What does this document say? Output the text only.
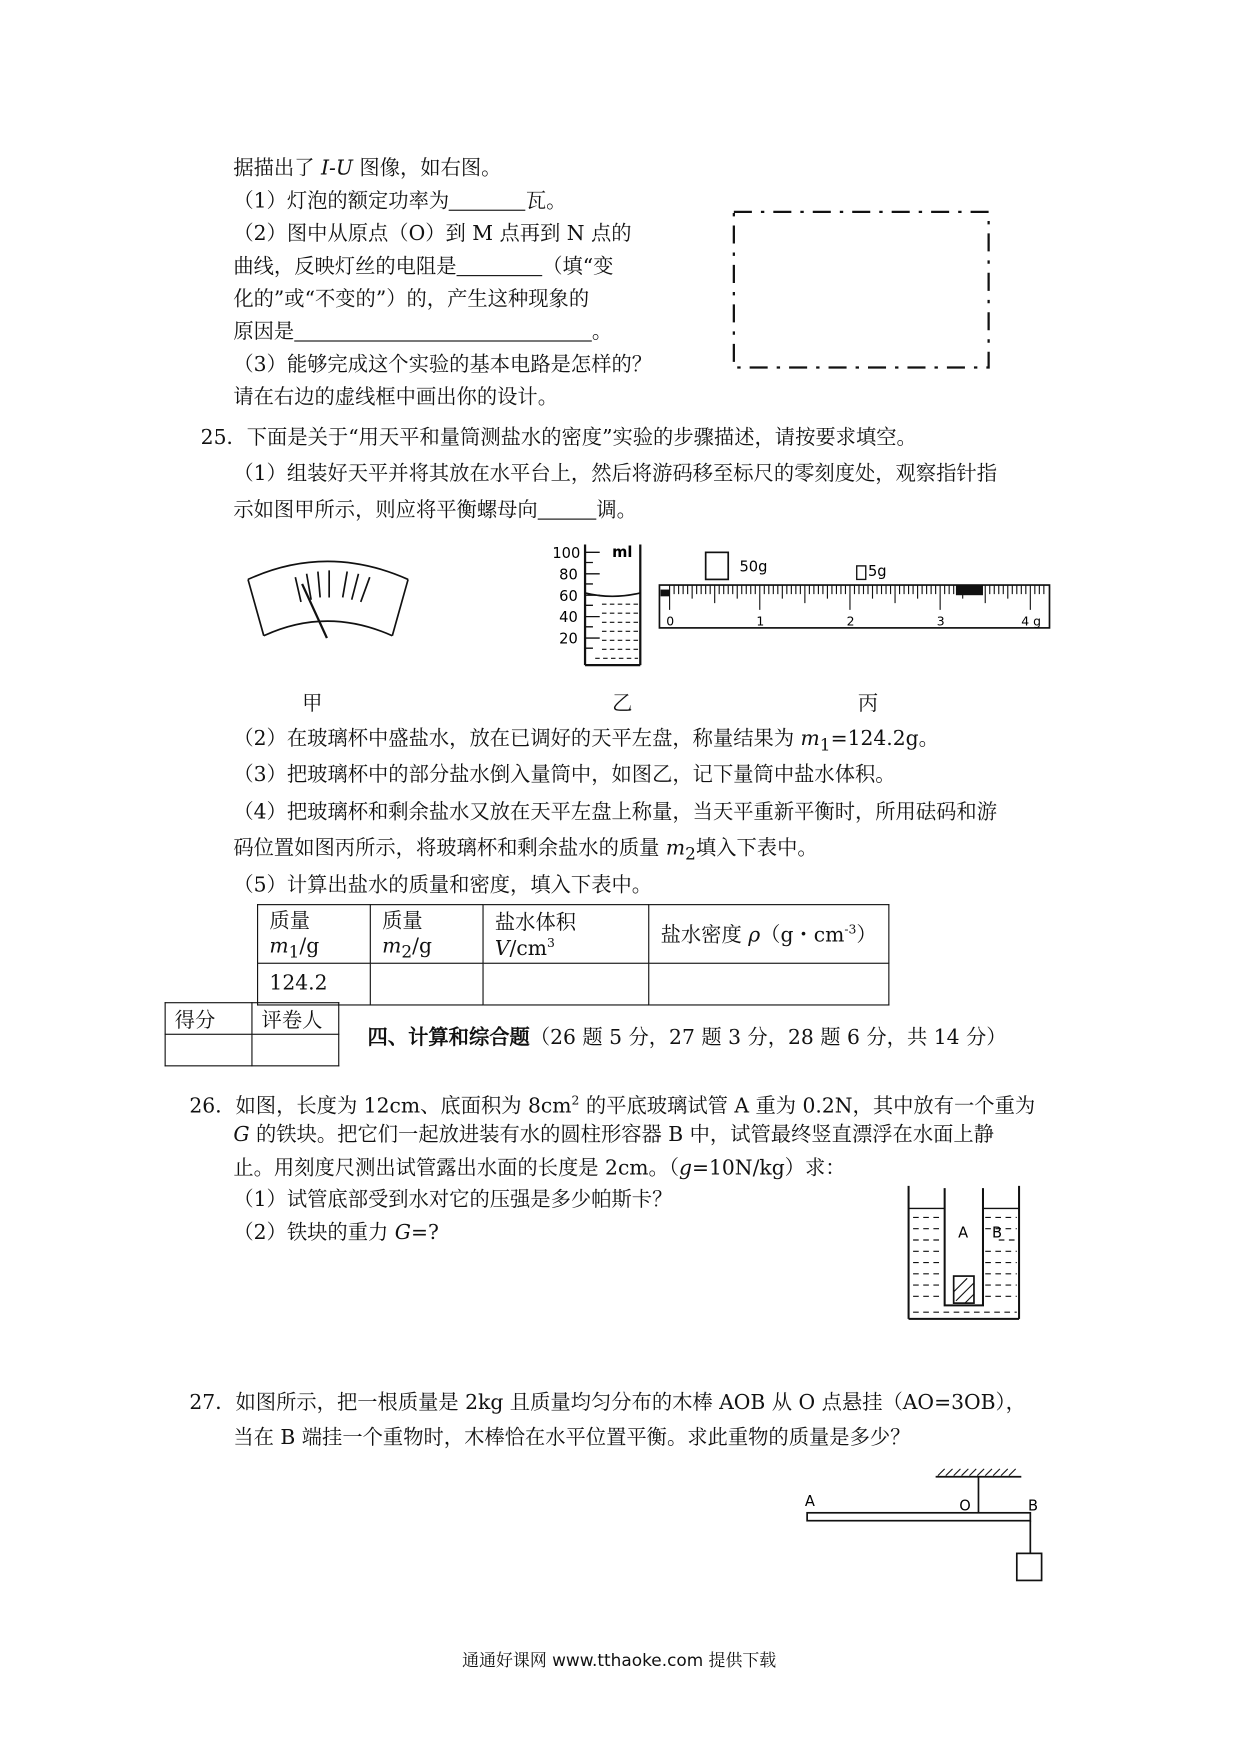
据描出了 I-U 图像，如右图。
（1）灯泡的额定功率为	瓦。
（2）图中从原点（O）到 M 点再到 N 点的
曲线，反映灯丝的电阻是	（填“变
化的”或“不变的”）的，产生这种现象的
原因是	。
（3）能够完成这个实验的基本电路是怎样的？
请在右边的虚线框中画出你的设计。
25．下面是关于“用天平和量筒测盐水的密度”实验的步骤描述，请按要求填空。
（1）组装好天平并将其放在水平台上，然后将游码移至标尺的零刻度处，观察指针指
示如图甲所示，则应将平衡螺母向	调。
100
80
60
40
20
ml
50g	5g
0	1	2	3	4 g
甲	乙	丙
（2）在玻璃杯中盛盐水，放在已调好的天平左盘，称量结果为 $m_1=124.2g$。
（3）把玻璃杯中的部分盐水倒入量筒中，如图乙，记下量筒中盐水体积。
（4）把玻璃杯和剩余盐水又放在天平左盘上称量，当天平重新平衡时，所用砝码和游
码位置如图丙所示，将玻璃杯和剩余盐水的质量 $m_2$填入下表中。
（5）计算出盐水的质量和密度，填入下表中。
质量 $m_1/g$	质量 $m_2/g$	盐水体积 $V/cm^3$	盐水密度 ρ（g・$cm^{-3}$）
124.2			
得分	评卷人

四、计算和综合题（26 题 5 分，27 题 3 分，28 题 6 分，共 14 分）
26．如图，长度为 12cm、底面积为 $8cm^2$ 的平底玻璃试管 A 重为 0.2N，其中放有一个重为
G 的铁块。把它们一起放进装有水的圆柱形容器 B 中，试管最终竖直漂浮在水面上静
止。用刻度尺测出试管露出水面的长度是 2cm。（g=10N/kg）求：
（1）试管底部受到水对它的压强是多少帕斯卡？
（2）铁块的重力 G=?	A B
27．如图所示，把一根质量是 2kg 且质量均匀分布的木棒 AOB 从 O 点悬挂（AO=3OB），
当在 B 端挂一个重物时，木棒恰在水平位置平衡。求此重物的质量是多少？
A	O	B
通通好课网 www.tthaoke.com 提供下载
